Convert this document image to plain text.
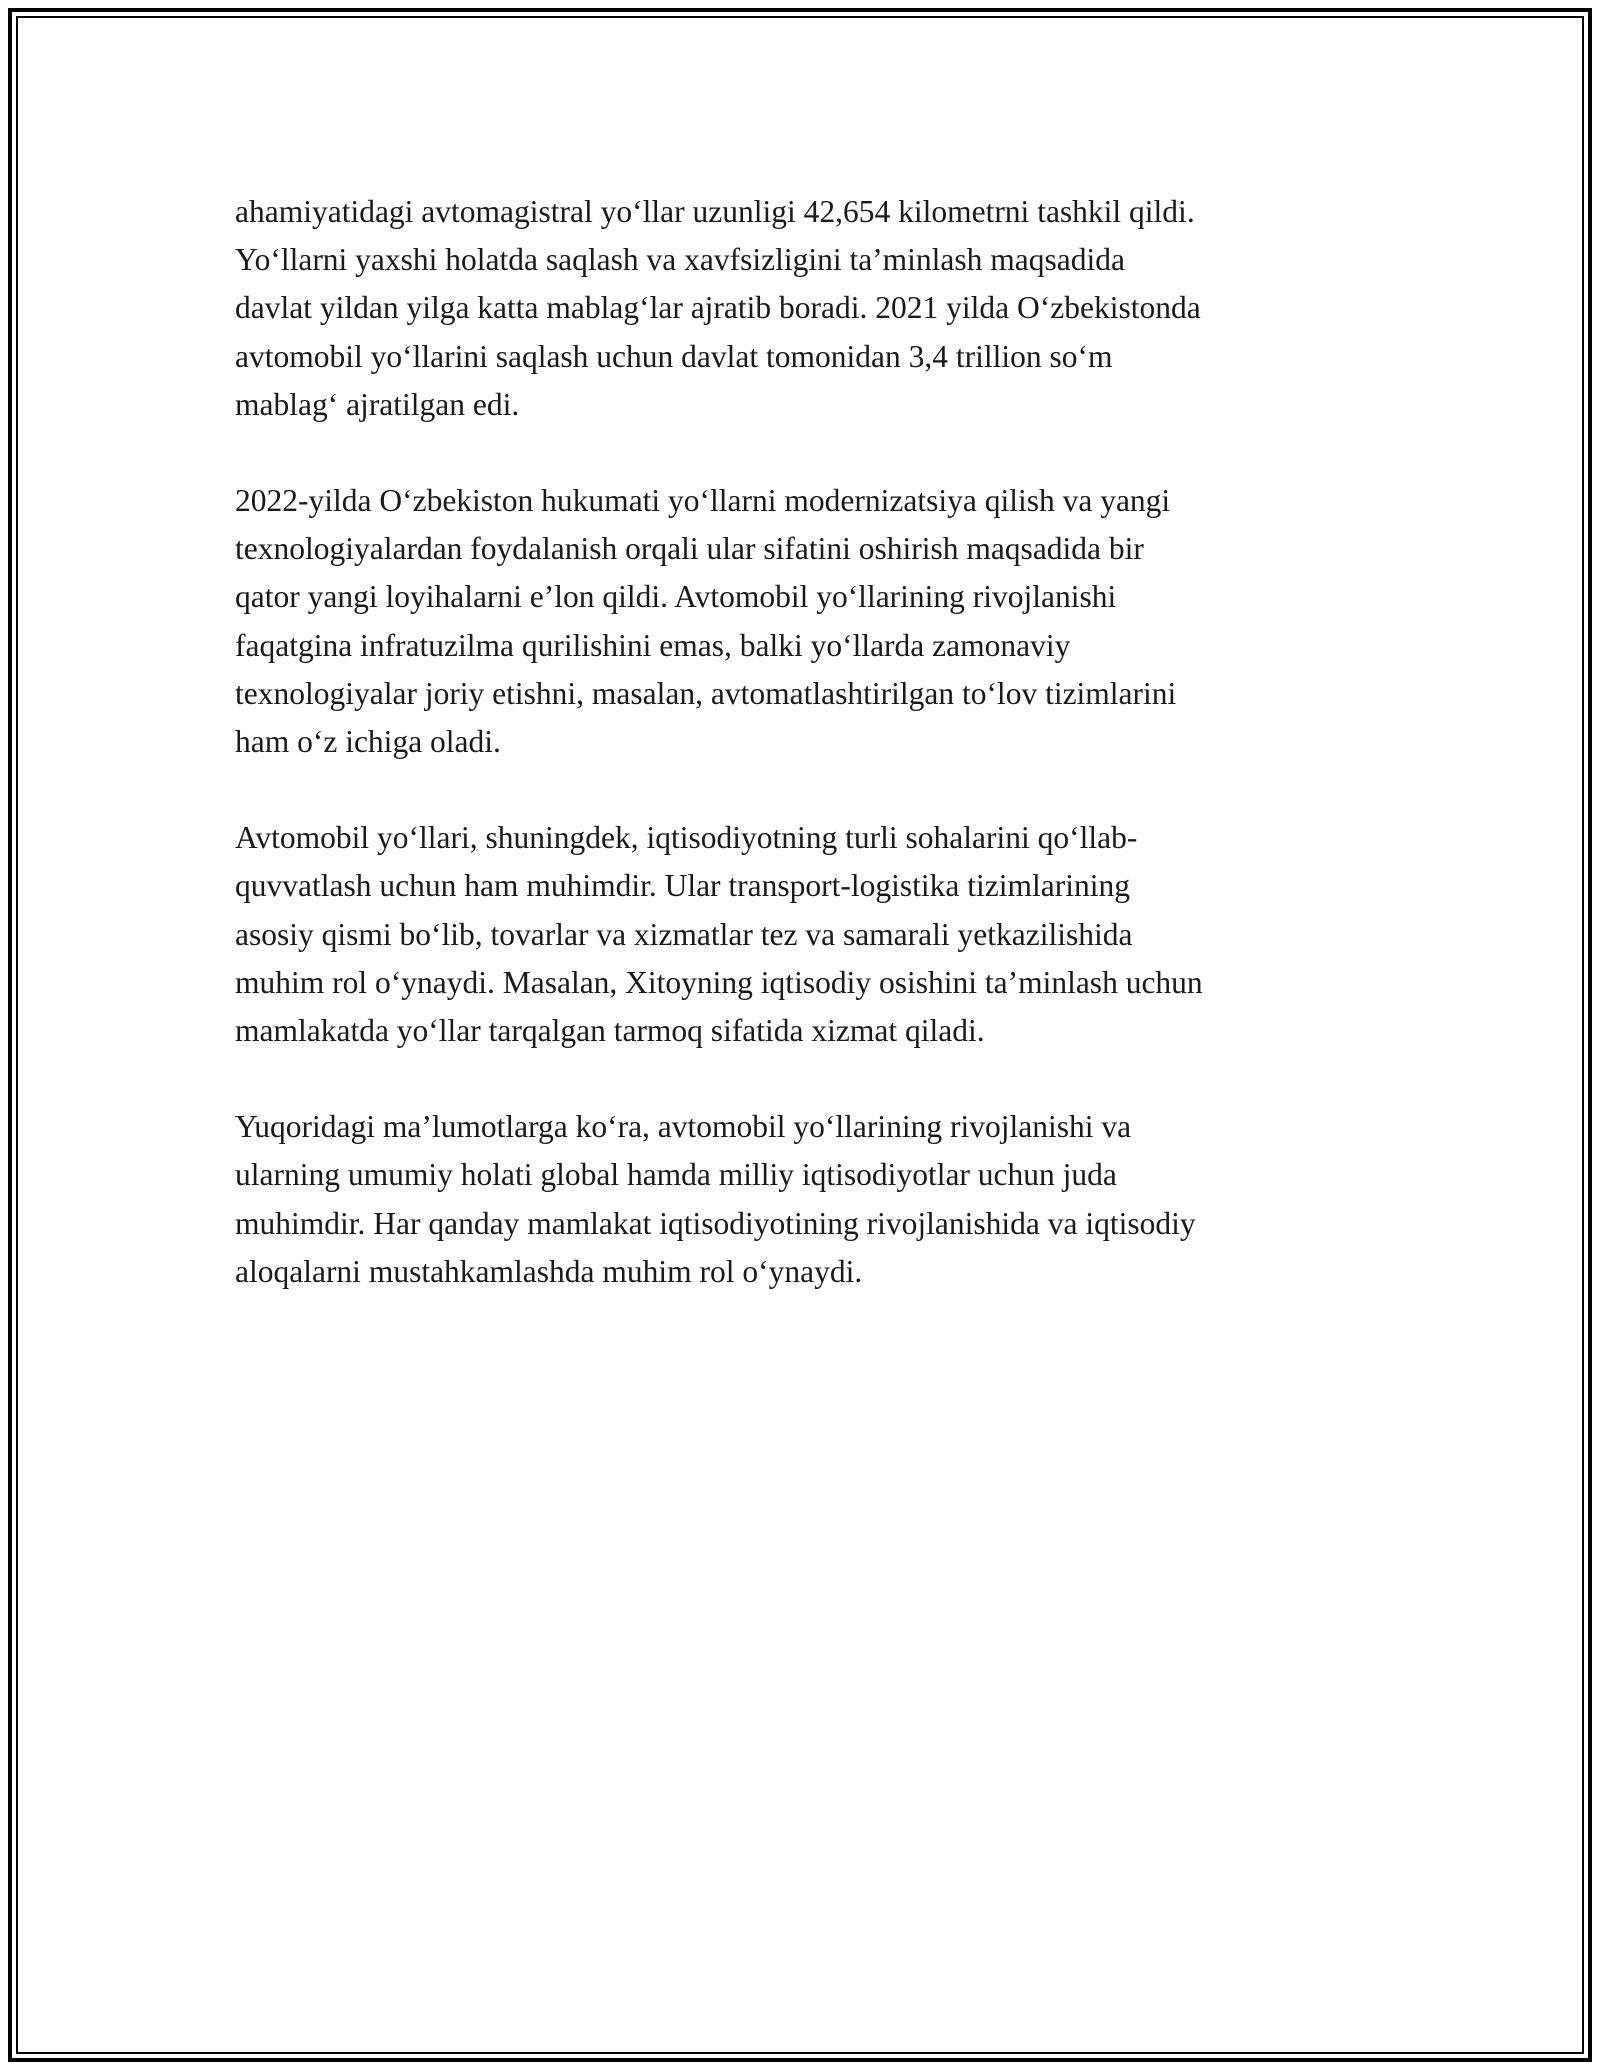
ahamiyatidagi avtomagistral yo‘llar uzunligi 42,654 kilometrni tashkil qildi.
Yo‘llarni yaxshi holatda saqlash va xavfsizligini ta’minlash maqsadida
davlat yildan yilga katta mablag‘lar ajratib boradi. 2021 yilda O‘zbekistonda
avtomobil yo‘llarini saqlash uchun davlat tomonidan 3,4 trillion so‘m
mablag‘ ajratilgan edi.

2022-yilda O‘zbekiston hukumati yo‘llarni modernizatsiya qilish va yangi
texnologiyalardan foydalanish orqali ular sifatini oshirish maqsadida bir
qator yangi loyihalarni e’lon qildi. Avtomobil yo‘llarining rivojlanishi
faqatgina infratuzilma qurilishini emas, balki yo‘llarda zamonaviy
texnologiyalar joriy etishni, masalan, avtomatlashtirilgan to‘lov tizimlarini
ham o‘z ichiga oladi.

Avtomobil yo‘llari, shuningdek, iqtisodiyotning turli sohalarini qo‘llab-
quvvatlash uchun ham muhimdir. Ular transport-logistika tizimlarining
asosiy qismi bo‘lib, tovarlar va xizmatlar tez va samarali yetkazilishida
muhim rol o‘ynaydi. Masalan, Xitoyning iqtisodiy osishini ta’minlash uchun
mamlakatda yo‘llar tarqalgan tarmoq sifatida xizmat qiladi.

Yuqoridagi ma’lumotlarga ko‘ra, avtomobil yo‘llarining rivojlanishi va
ularning umumiy holati global hamda milliy iqtisodiyotlar uchun juda
muhimdir. Har qanday mamlakat iqtisodiyotining rivojlanishida va iqtisodiy
aloqalarni mustahkamlashda muhim rol o‘ynaydi.
